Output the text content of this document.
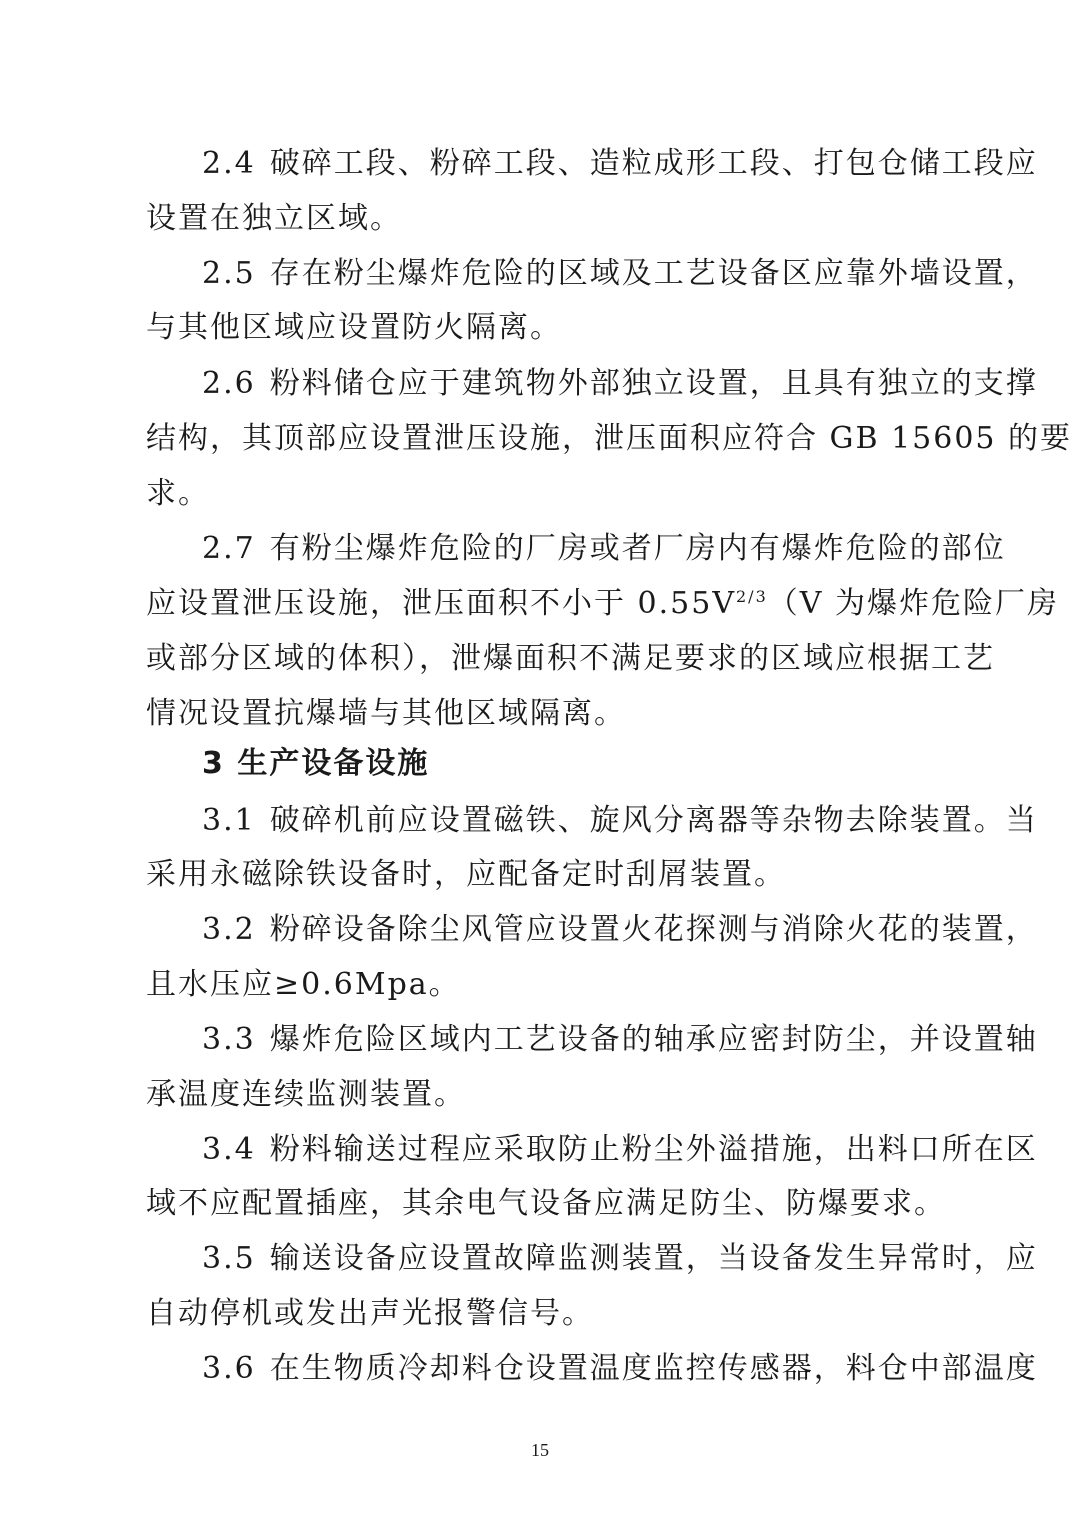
2.4 破碎工段、粉碎工段、造粒成形工段、打包仓储工段应
设置在独立区域。
2.5 存在粉尘爆炸危险的区域及工艺设备区应靠外墙设置，
与其他区域应设置防火隔离。
2.6 粉料储仓应于建筑物外部独立设置，且具有独立的支撑
结构，其顶部应设置泄压设施，泄压面积应符合 GB 15605 的要
求。
2.7 有粉尘爆炸危险的厂房或者厂房内有爆炸危险的部位
应设置泄压设施，泄压面积不小于 $0.55V^{2/3}(V$ 为爆炸危险厂房
或部分区域的体积），泄爆面积不满足要求的区域应根据工艺
情况设置抗爆墙与其他区域隔离。
3 生产设备设施
3.1 破碎机前应设置磁铁、旋风分离器等杂物去除装置。当
采用永磁除铁设备时，应配备定时刮屑装置。
3.2 粉碎设备除尘风管应设置火花探测与消除火花的装置，
且水压应≥0.6Mpa。
3.3 爆炸危险区域内工艺设备的轴承应密封防尘，并设置轴
承温度连续监测装置。
3.4 粉料输送过程应采取防止粉尘外溢措施，出料口所在区
域不应配置插座，其余电气设备应满足防尘、防爆要求。
3.5 输送设备应设置故障监测装置，当设备发生异常时，应
自动停机或发出声光报警信号。
3.6 在生物质冷却料仓设置温度监控传感器，料仓中部温度
15
